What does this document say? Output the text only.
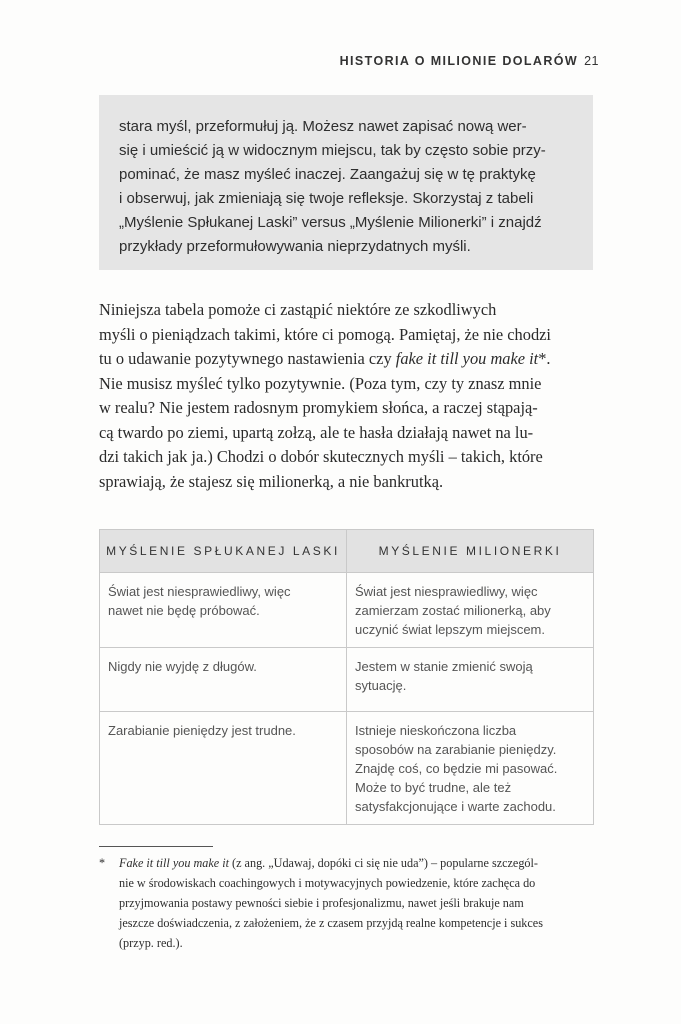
HISTORIA O MILIONIE DOLARÓW 21
stara myśl, przeformułuj ją. Możesz nawet zapisać nową wer-
się i umieścić ją w widocznym miejscu, tak by często sobie przy-
pominać, że masz myśleć inaczej. Zaangażuj się w tę praktykę
i obserwuj, jak zmieniają się twoje refleksje. Skorzystaj z tabeli
„Myślenie Spłukanej Laski” versus „Myślenie Milionerki” i znajdź
przykłady przeformułowywania nieprzydatnych myśli.
Niniejsza tabela pomoże ci zastąpić niektóre ze szkodliwych
myśli o pieniądzach takimi, które ci pomogą. Pamiętaj, że nie chodzi
tu o udawanie pozytywnego nastawienia czy fake it till you make it*.
Nie musisz myśleć tylko pozytywnie. (Poza tym, czy ty znasz mnie
w realu? Nie jestem radosnym promykiem słońca, a raczej stąpają-
cą twardo po ziemi, upartą zołzą, ale te hasła działają nawet na lu-
dzi takich jak ja.) Chodzi o dobór skutecznych myśli – takich, które
sprawiają, że stajesz się milionerką, a nie bankrutką.
MYŚLENIE SPŁUKANEJ LASKI	MYŚLENIE MILIONERKI

Świat jest niesprawiedliwy, więc
nawet nie będę próbować.	Świat jest niesprawiedliwy, więc
zamierzam zostać milionerką, aby
uczynić świat lepszym miejscem.

Nigdy nie wyjdę z długów.	Jestem w stanie zmienić swoją
sytuację.

Zarabianie pieniędzy jest trudne.	Istnieje nieskończona liczba
sposobów na zarabianie pieniędzy.
Znajdę coś, co będzie mi pasować.
Może to być trudne, ale też
satysfakcjonujące i warte zachodu.
* Fake it till you make it (z ang. „Udawaj, dopóki ci się nie uda”) – popularne szczegól-
nie w środowiskach coachingowych i motywacyjnych powiedzenie, które zachęca do
przyjmowania postawy pewności siebie i profesjonalizmu, nawet jeśli brakuje nam
jeszcze doświadczenia, z założeniem, że z czasem przyjdą realne kompetencje i sukces
(przyp. red.).
